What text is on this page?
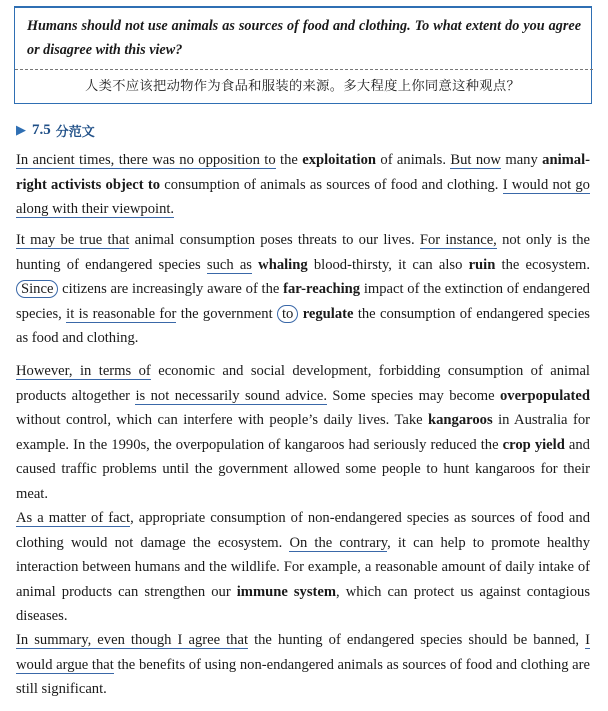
Humans should not use animals as sources of food and clothing. To what extent do you agree or disagree with this view?

人类不应该把动物作为食品和服装的来源。多大程度上你同意这种观点？

▶ 7.5 分范文

In ancient times, there was no opposition to the exploitation of animals. But now many animal-right activists object to consumption of animals as sources of food and clothing. I would not go along with their viewpoint.

It may be true that animal consumption poses threats to our lives. For instance, not only is the hunting of endangered species such as whaling blood-thirsty, it can also ruin the ecosystem. Since citizens are increasingly aware of the far-reaching impact of the extinction of endangered species, it is reasonable for the government to regulate the consumption of endangered species as food and clothing.

However, in terms of economic and social development, forbidding consumption of animal products altogether is not necessarily sound advice. Some species may become overpopulated without control, which can interfere with people’s daily lives. Take kangaroos in Australia for example. In the 1990s, the overpopulation of kangaroos had seriously reduced the crop yield and caused traffic problems until the government allowed some people to hunt kangaroos for their meat.

As a matter of fact, appropriate consumption of non-endangered species as sources of food and clothing would not damage the ecosystem. On the contrary, it can help to promote healthy interaction between humans and the wildlife. For example, a reasonable amount of daily intake of animal products can strengthen our immune system, which can protect us against contagious diseases.

In summary, even though I agree that the hunting of endangered species should be banned, I would argue that the benefits of using non-endangered animals as sources of food and clothing are still significant.
